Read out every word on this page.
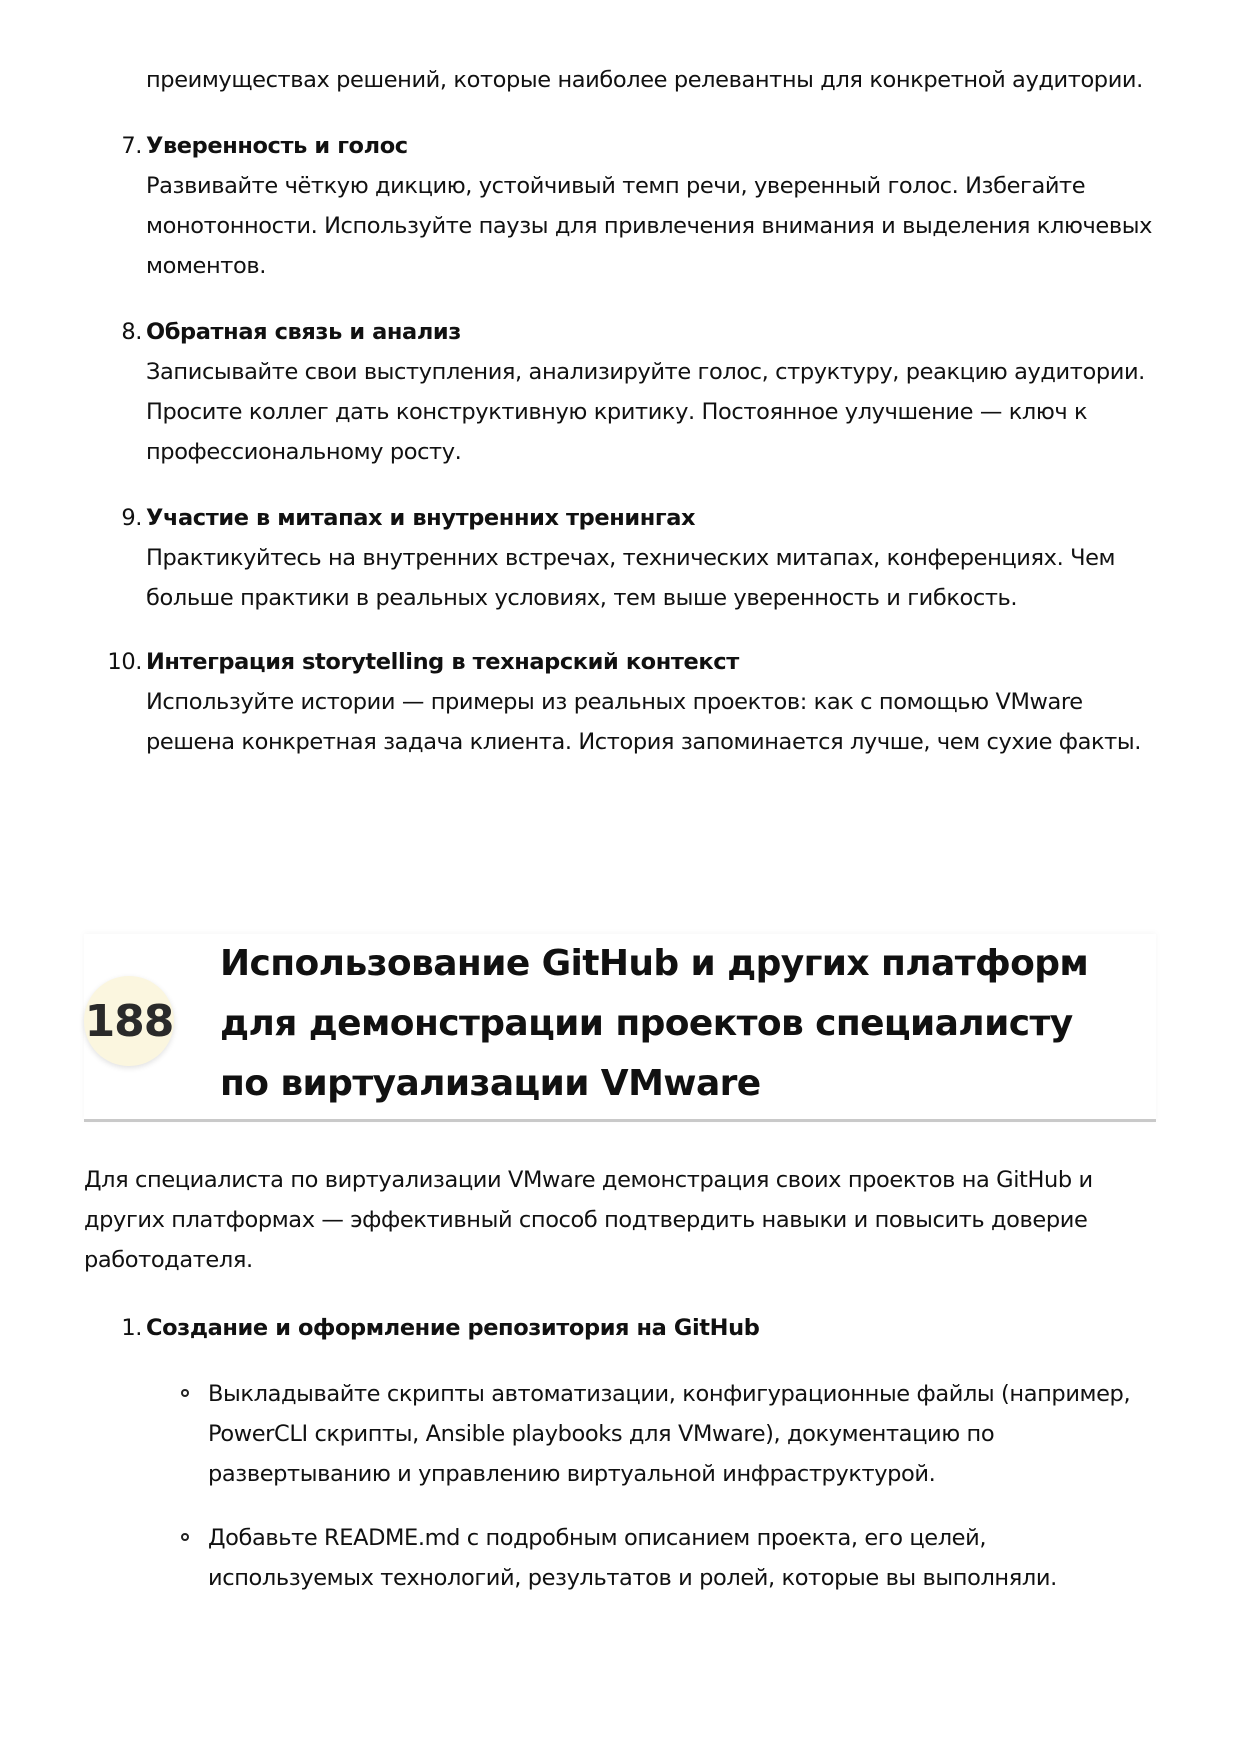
преимуществах решений, которые наиболее релевантны для конкретной аудитории.
7. Уверенность и голос
Развивайте чёткую дикцию, устойчивый темп речи, уверенный голос. Избегайте монотонности. Используйте паузы для привлечения внимания и выделения ключевых моментов.
8. Обратная связь и анализ
Записывайте свои выступления, анализируйте голос, структуру, реакцию аудитории. Просите коллег дать конструктивную критику. Постоянное улучшение — ключ к профессиональному росту.
9. Участие в митапах и внутренних тренингах
Практикуйтесь на внутренних встречах, технических митапах, конференциях. Чем больше практики в реальных условиях, тем выше уверенность и гибкость.
10. Интеграция storytelling в технарский контекст
Используйте истории — примеры из реальных проектов: как с помощью VMware решена конкретная задача клиента. История запоминается лучше, чем сухие факты.
188
Использование GitHub и других платформ для демонстрации проектов специалисту по виртуализации VMware
Для специалиста по виртуализации VMware демонстрация своих проектов на GitHub и других платформах — эффективный способ подтвердить навыки и повысить доверие работодателя.
1. Создание и оформление репозитория на GitHub
Выкладывайте скрипты автоматизации, конфигурационные файлы (например, PowerCLI скрипты, Ansible playbooks для VMware), документацию по развертыванию и управлению виртуальной инфраструктурой.
Добавьте README.md с подробным описанием проекта, его целей, используемых технологий, результатов и ролей, которые вы выполняли.
